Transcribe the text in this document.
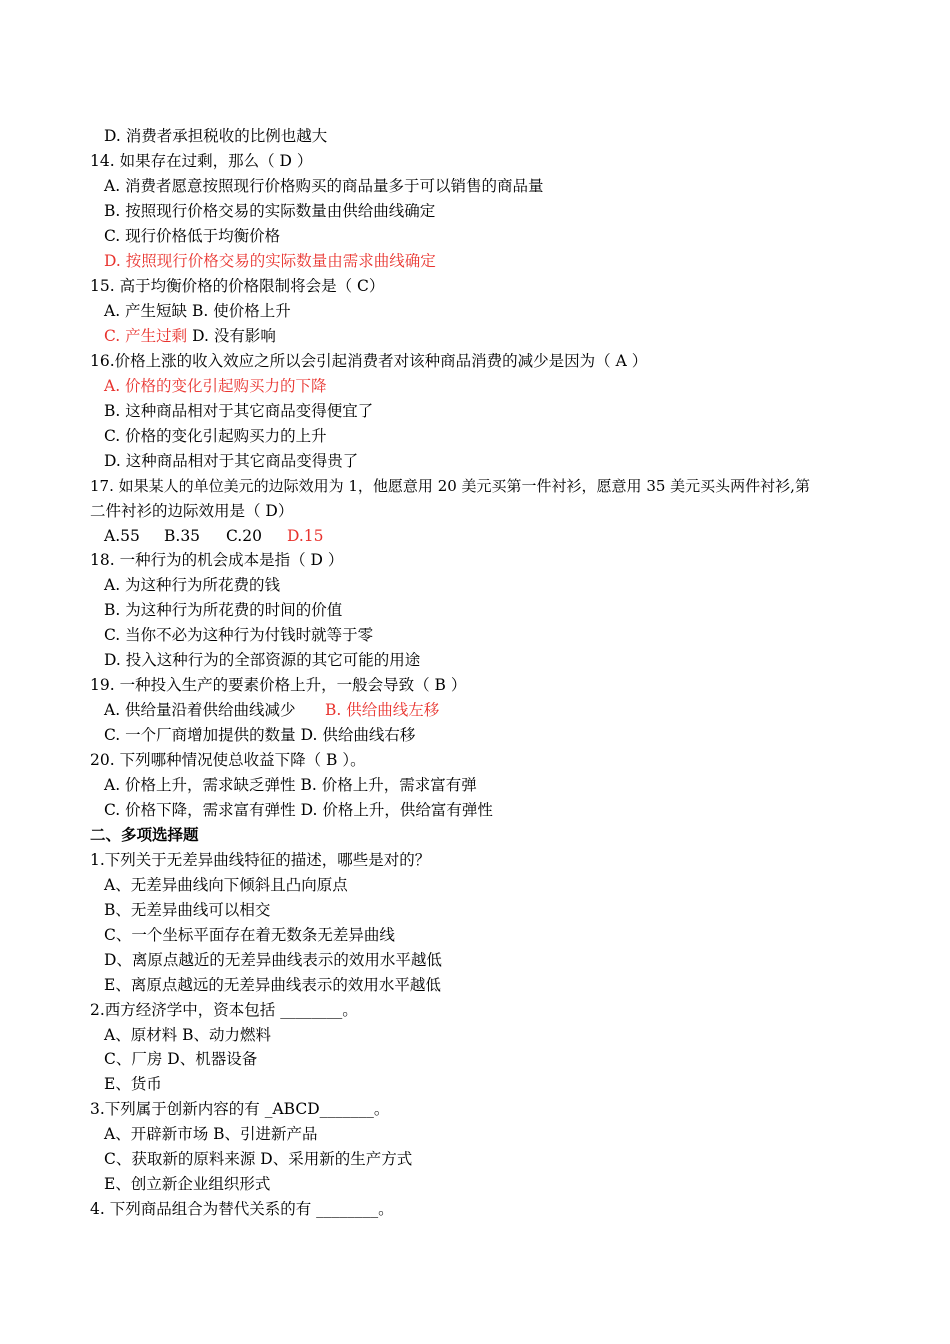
D. 消费者承担税收的比例也越大
14. 如果存在过剩，那么（ D ）
A. 消费者愿意按照现行价格购买的商品量多于可以销售的商品量
B. 按照现行价格交易的实际数量由供给曲线确定
C. 现行价格低于均衡价格
D. 按照现行价格交易的实际数量由需求曲线确定
15. 高于均衡价格的价格限制将会是（ C）
A. 产生短缺 B. 使价格上升
C. 产生过剩 D. 没有影响
16.价格上涨的收入效应之所以会引起消费者对该种商品消费的减少是因为（ A ）
A. 价格的变化引起购买力的下降
B. 这种商品相对于其它商品变得便宜了
C. 价格的变化引起购买力的上升
D. 这种商品相对于其它商品变得贵了
17. 如果某人的单位美元的边际效用为 1，他愿意用 20 美元买第一件衬衫，愿意用 35 美元买头两件衬衫,第
二件衬衫的边际效用是（ D）
A.55 B.35 C.20 D.15
18. 一种行为的机会成本是指（ D ）
A. 为这种行为所花费的钱
B. 为这种行为所花费的时间的价值
C. 当你不必为这种行为付钱时就等于零
D. 投入这种行为的全部资源的其它可能的用途
19. 一种投入生产的要素价格上升，一般会导致（ B ）
A. 供给量沿着供给曲线减少 B. 供给曲线左移
C. 一个厂商增加提供的数量 D. 供给曲线右移
20. 下列哪种情况使总收益下降（ B ）。
A. 价格上升，需求缺乏弹性 B. 价格上升，需求富有弹
C. 价格下降，需求富有弹性 D. 价格上升，供给富有弹性
二、多项选择题
1.下列关于无差异曲线特征的描述，哪些是对的？
A、无差异曲线向下倾斜且凸向原点
B、无差异曲线可以相交
C、一个坐标平面存在着无数条无差异曲线
D、离原点越近的无差异曲线表示的效用水平越低
E、离原点越远的无差异曲线表示的效用水平越低
2.西方经济学中，资本包括 ________。
A、原材料 B、动力燃料
C、厂房 D、机器设备
E、货币
3.下列属于创新内容的有 _ABCD_______。
A、开辟新市场 B、引进新产品
C、获取新的原料来源 D、采用新的生产方式
E、创立新企业组织形式
4. 下列商品组合为替代关系的有 ________。
